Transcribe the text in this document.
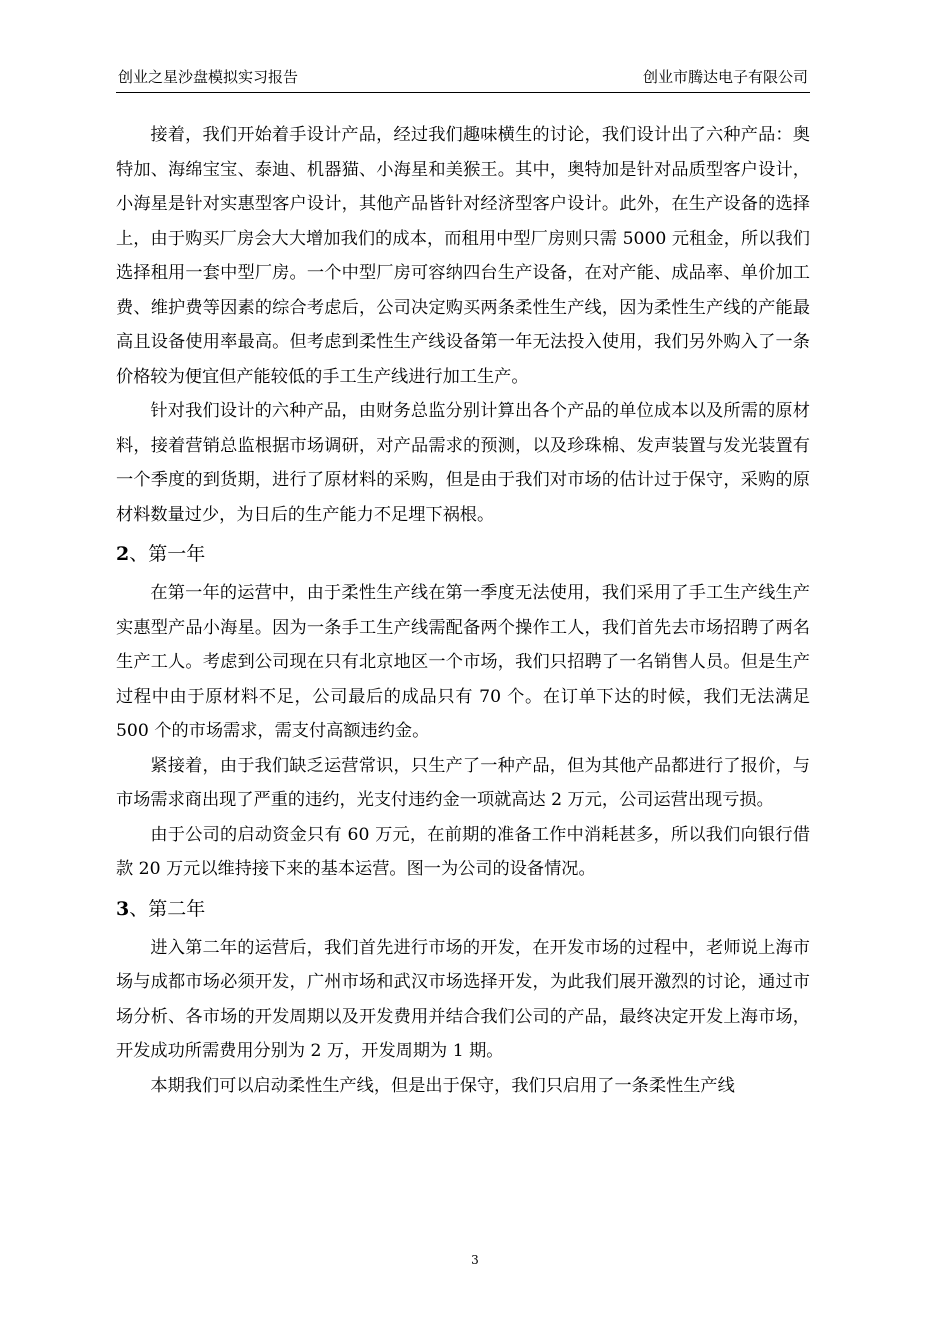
创业之星沙盘模拟实习报告	创业市腾达电子有限公司

接着，我们开始着手设计产品，经过我们趣味横生的讨论，我们设计出了六种产品：奥特加、海绵宝宝、泰迪、机器猫、小海星和美猴王。其中，奥特加是针对品质型客户设计，小海星是针对实惠型客户设计，其他产品皆针对经济型客户设计。此外，在生产设备的选择上，由于购买厂房会大大增加我们的成本，而租用中型厂房则只需 5000 元租金，所以我们选择租用一套中型厂房。一个中型厂房可容纳四台生产设备，在对产能、成品率、单价加工费、维护费等因素的综合考虑后，公司决定购买两条柔性生产线，因为柔性生产线的产能最高且设备使用率最高。但考虑到柔性生产线设备第一年无法投入使用，我们另外购入了一条价格较为便宜但产能较低的手工生产线进行加工生产。

针对我们设计的六种产品，由财务总监分别计算出各个产品的单位成本以及所需的原材料，接着营销总监根据市场调研，对产品需求的预测，以及珍珠棉、发声装置与发光装置有一个季度的到货期，进行了原材料的采购，但是由于我们对市场的估计过于保守，采购的原材料数量过少，为日后的生产能力不足埋下祸根。

2、第一年

在第一年的运营中，由于柔性生产线在第一季度无法使用，我们采用了手工生产线生产实惠型产品小海星。因为一条手工生产线需配备两个操作工人，我们首先去市场招聘了两名生产工人。考虑到公司现在只有北京地区一个市场，我们只招聘了一名销售人员。但是生产过程中由于原材料不足，公司最后的成品只有 70 个。在订单下达的时候，我们无法满足 500 个的市场需求，需支付高额违约金。

紧接着，由于我们缺乏运营常识，只生产了一种产品，但为其他产品都进行了报价，与市场需求商出现了严重的违约，光支付违约金一项就高达 2 万元，公司运营出现亏损。

由于公司的启动资金只有 60 万元，在前期的准备工作中消耗甚多，所以我们向银行借款 20 万元以维持接下来的基本运营。图一为公司的设备情况。

3、第二年

进入第二年的运营后，我们首先进行市场的开发，在开发市场的过程中，老师说上海市场与成都市场必须开发，广州市场和武汉市场选择开发，为此我们展开激烈的讨论，通过市场分析、各市场的开发周期以及开发费用并结合我们公司的产品，最终决定开发上海市场，开发成功所需费用分别为 2 万，开发周期为 1 期。

本期我们可以启动柔性生产线，但是出于保守，我们只启用了一条柔性生产线

3
